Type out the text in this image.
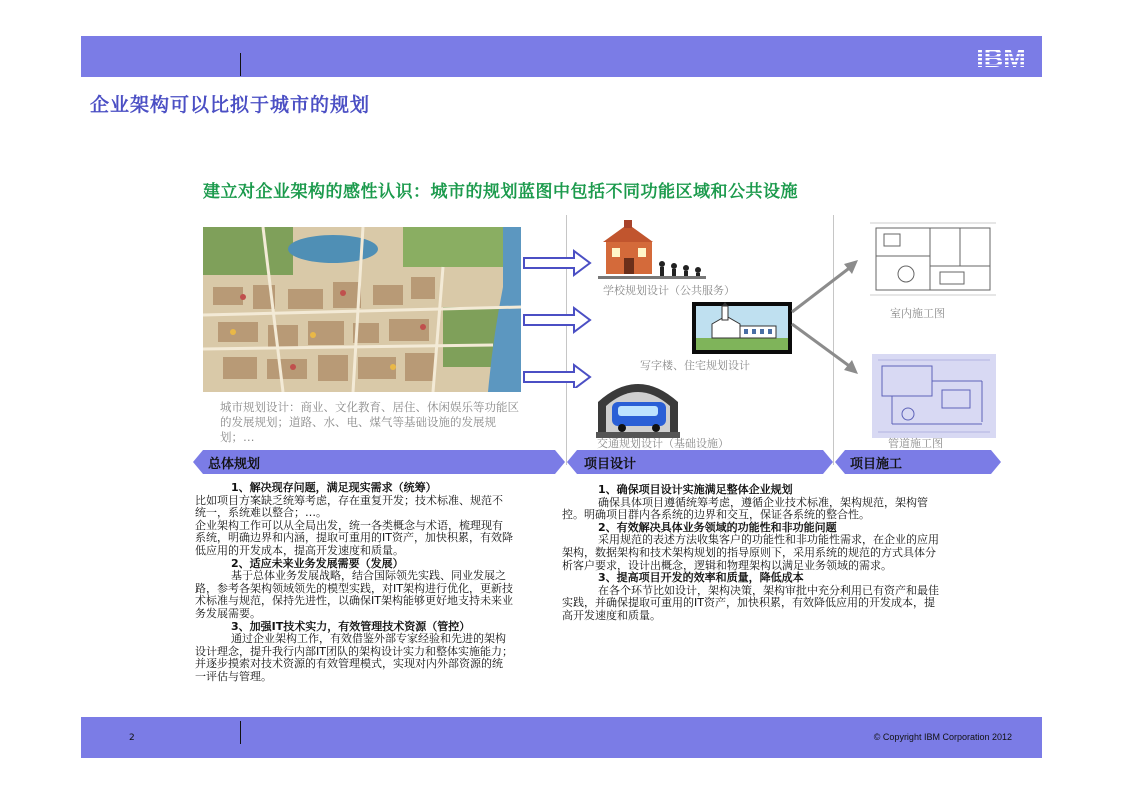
IBM
企业架构可以比拟于城市的规划
建立对企业架构的感性认识：城市的规划蓝图中包括不同功能区域和公共设施
城市规划设计：商业、文化教育、居住、休闲娱乐等功能区的发展规划；道路、水、电、煤气等基础设施的发展规划；…
学校规划设计（公共服务）
写字楼、住宅规划设计
交通规划设计（基础设施）
室内施工图
管道施工图
总体规划	项目设计	项目施工

1、解决现存问题，满足现实需求（统筹）

比如项目方案缺乏统筹考虑，存在重复开发；技术标准、规范不统一，系统难以整合；…。

企业架构工作可以从全局出发，统一各类概念与术语，梳理现有系统，明确边界和内涵，提取可重用的IT资产，加快积累，有效降低应用的开发成本，提高开发速度和质量。

2、适应未来业务发展需要（发展）

基于总体业务发展战略，结合国际领先实践、同业发展之路，参考各架构领域领先的模型实践，对IT架构进行优化，更新技术标准与规范，保持先进性，以确保IT架构能够更好地支持未来业务发展需要。

3、加强IT技术实力，有效管理技术资源（管控）

通过企业架构工作，有效借鉴外部专家经验和先进的架构设计理念，提升我行内部IT团队的架构设计实力和整体实施能力；并逐步摸索对技术资源的有效管理模式，实现对内外部资源的统一评估与管理。

1、确保项目设计实施满足整体企业规划

确保具体项目遵循统筹考虑，遵循企业技术标准，架构规范，架构管控。明确项目群内各系统的边界和交互，保证各系统的整合性。

2、有效解决具体业务领域的功能性和非功能问题

采用规范的表述方法收集客户的功能性和非功能性需求，在企业的应用架构，数据架构和技术架构规划的指导原则下，采用系统的规范的方式具体分析客户要求，设计出概念，逻辑和物理架构以满足业务领域的需求。

3、提高项目开发的效率和质量，降低成本

在各个环节比如设计，架构决策，架构审批中充分利用已有资产和最佳实践，并确保提取可重用的IT资产，加快积累，有效降低应用的开发成本，提高开发速度和质量。

2	© Copyright IBM Corporation 2012
